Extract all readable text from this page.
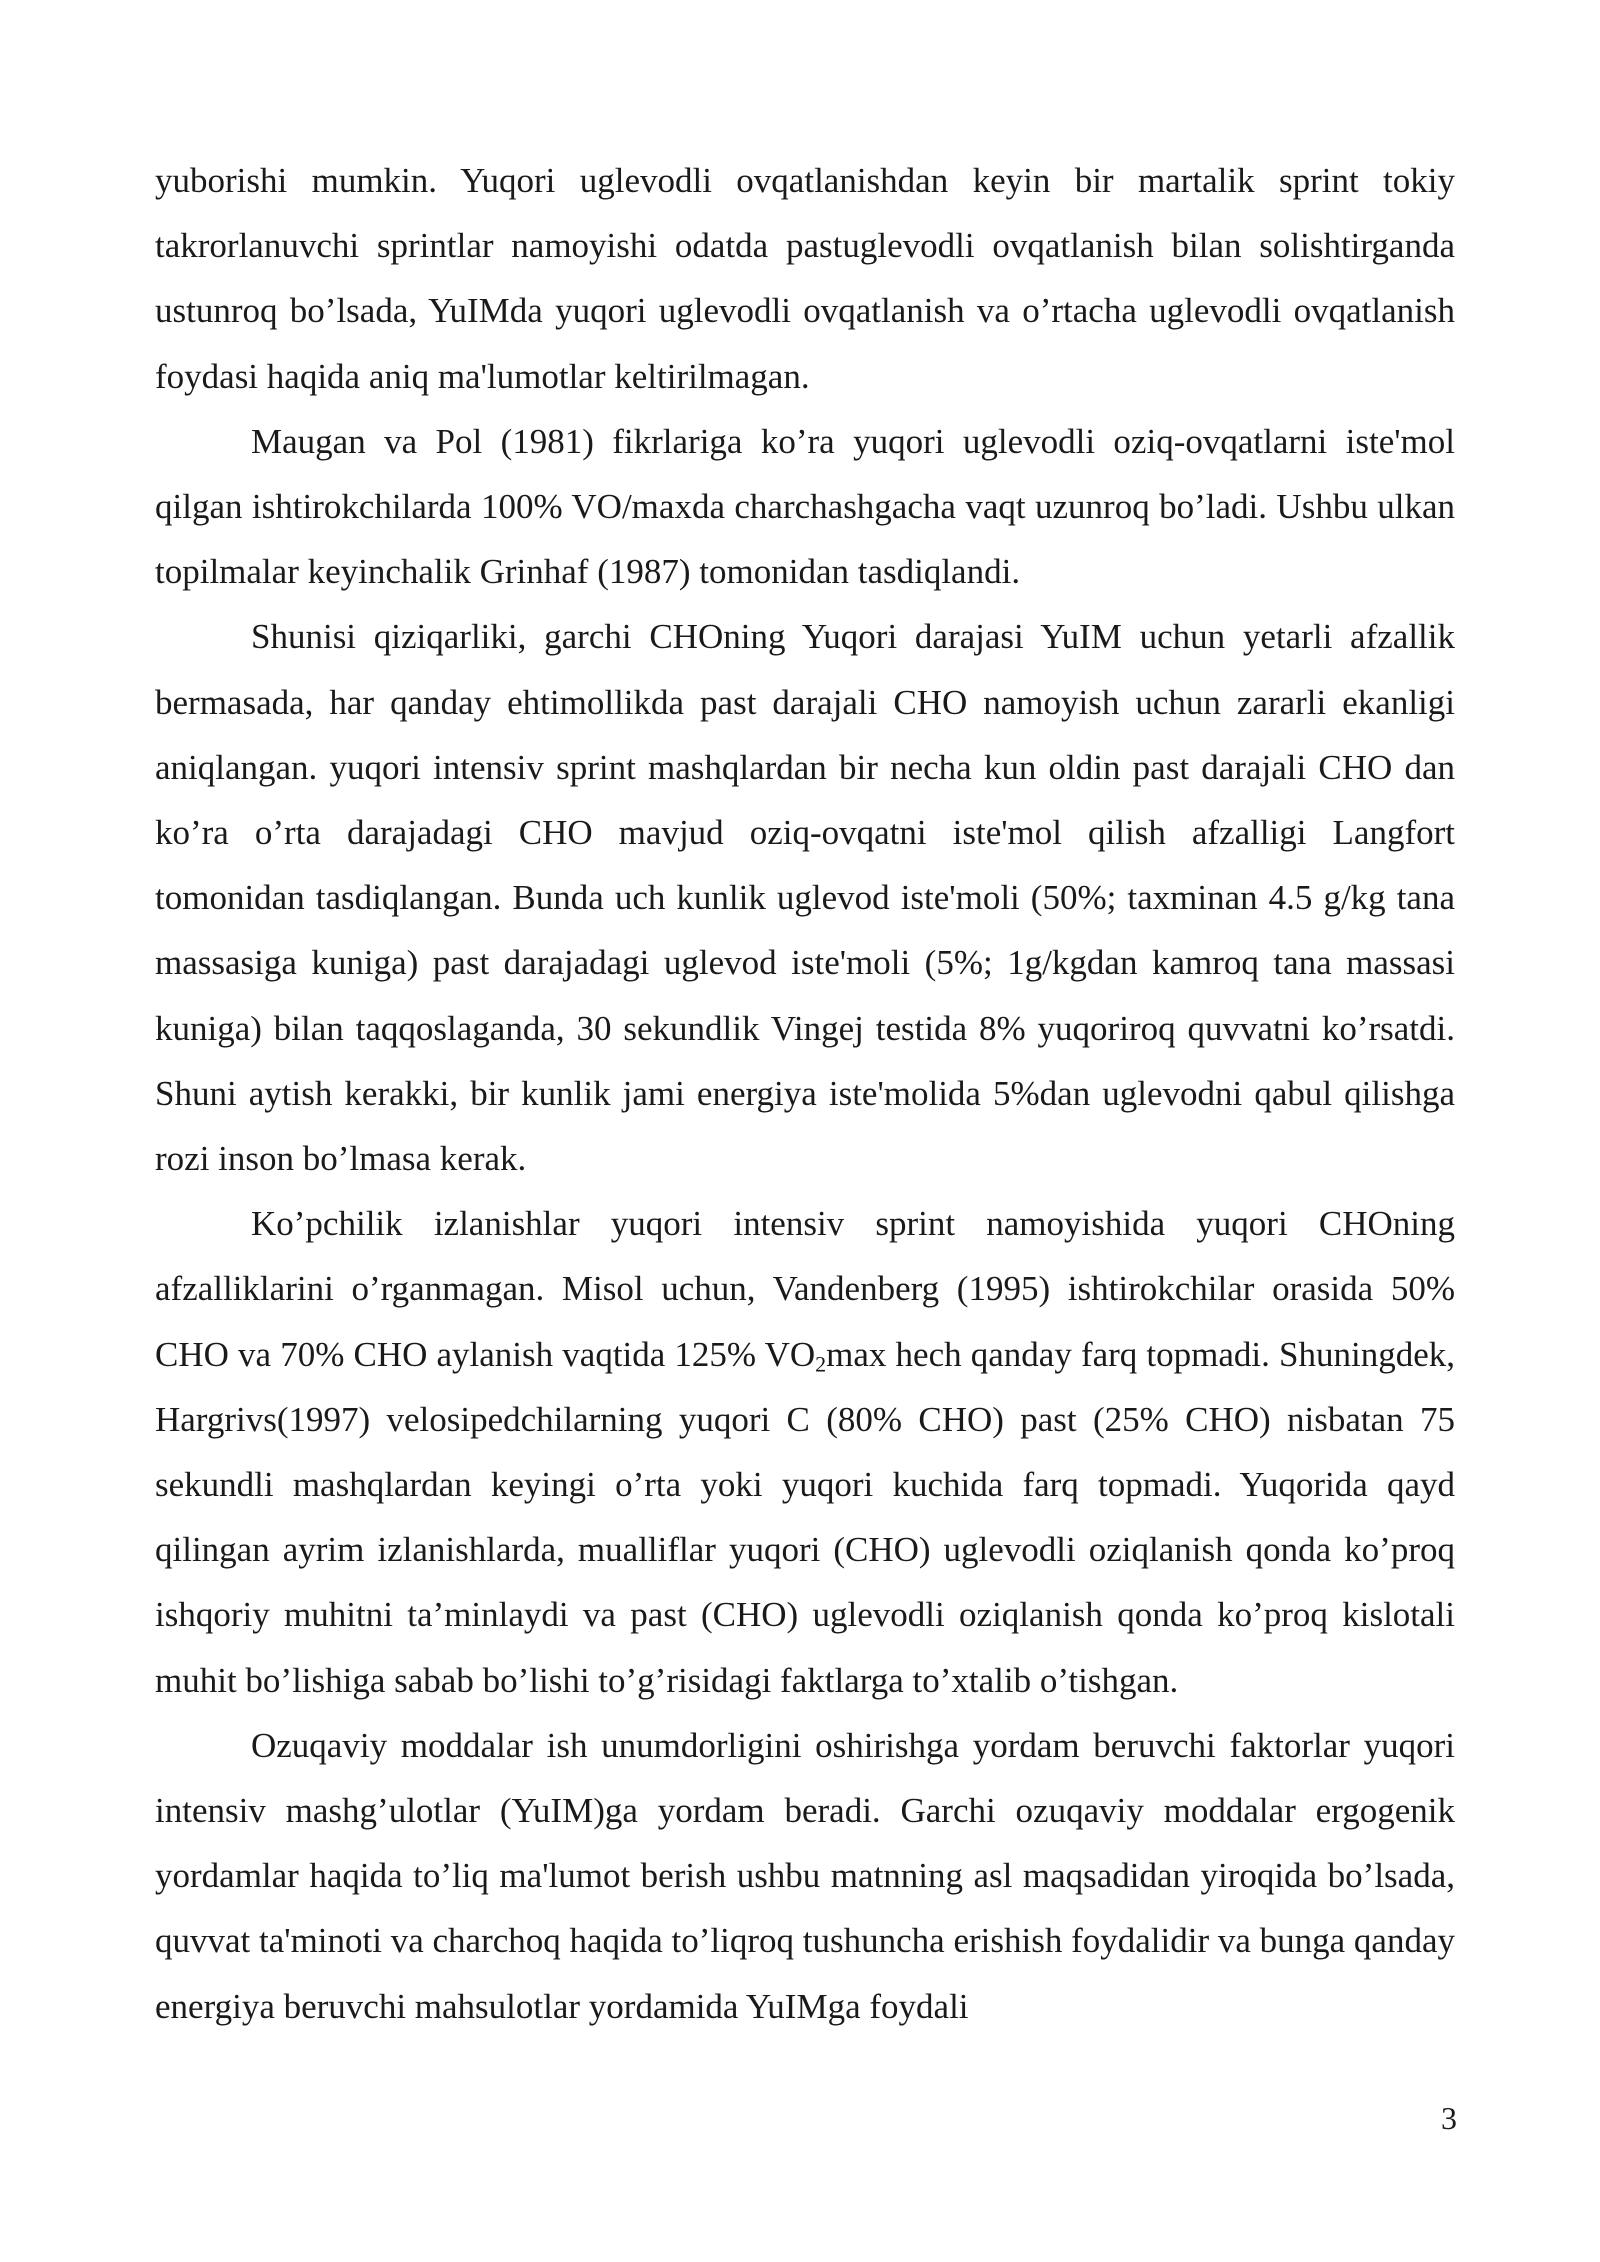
yuborishi mumkin. Yuqori uglevodli ovqatlanishdan keyin bir martalik sprint tokiy takrorlanuvchi sprintlar namoyishi odatda pastuglevodli ovqatlanish bilan solishtirganda ustunroq bo’lsada, YuIMda yuqori uglevodli ovqatlanish va o’rtacha uglevodli ovqatlanish foydasi haqida aniq ma'lumotlar keltirilmagan.

Maugan va Pol (1981) fikrlariga ko’ra yuqori uglevodli oziq-ovqatlarni iste'mol qilgan ishtirokchilarda 100% VO/maxda charchashgacha vaqt uzunroq bo’ladi. Ushbu ulkan topilmalar keyinchalik Grinhaf (1987) tomonidan tasdiqlandi.

Shunisi qiziqarliki, garchi CHOning Yuqori darajasi YuIM uchun yetarli afzallik bermasada, har qanday ehtimollikda past darajali CHO namoyish uchun zararli ekanligi aniqlangan. yuqori intensiv sprint mashqlardan bir necha kun oldin past darajali CHO dan ko’ra o’rta darajadagi CHO mavjud oziq-ovqatni iste'mol qilish afzalligi Langfort tomonidan tasdiqlangan. Bunda uch kunlik uglevod iste'moli (50%; taxminan 4.5 g/kg tana massasiga kuniga) past darajadagi uglevod iste'moli (5%; 1g/kgdan kamroq tana massasi kuniga) bilan taqqoslaganda, 30 sekundlik Vingej testida 8% yuqoriroq quvvatni ko’rsatdi. Shuni aytish kerakki, bir kunlik jami energiya iste'molida 5%dan uglevodni qabul qilishga rozi inson bo’lmasa kerak.

Ko’pchilik izlanishlar yuqori intensiv sprint namoyishida yuqori CHOning afzalliklarini o’rganmagan. Misol uchun, Vandenberg (1995) ishtirokchilar orasida 50% CHO va 70% CHO aylanish vaqtida 125% $VO_2\max$ hech qanday farq topmadi. Shuningdek, Hargrivs(1997) velosipedchilarning yuqori C (80% CHO) past (25% CHO) nisbatan 75 sekundli mashqlardan keyingi o’rta yoki yuqori kuchida farq topmadi. Yuqorida qayd qilingan ayrim izlanishlarda, mualliflar yuqori (CHO) uglevodli oziqlanish qonda ko’proq ishqoriy muhitni ta’minlaydi va past (CHO) uglevodli oziqlanish qonda ko’proq kislotali muhit bo’lishiga sabab bo’lishi to’g’risidagi faktlarga to’xtalib o’tishgan.

Ozuqaviy moddalar ish unumdorligini oshirishga yordam beruvchi faktorlar yuqori intensiv mashg’ulotlar (YuIM)ga yordam beradi. Garchi ozuqaviy moddalar ergogenik yordamlar haqida to’liq ma'lumot berish ushbu matnning asl maqsadidan yiroqida bo’lsada, quvvat ta'minoti va charchoq haqida to’liqroq tushuncha erishish foydalidir va bunga qanday energiya beruvchi mahsulotlar yordamida YuIMga foydali

3
